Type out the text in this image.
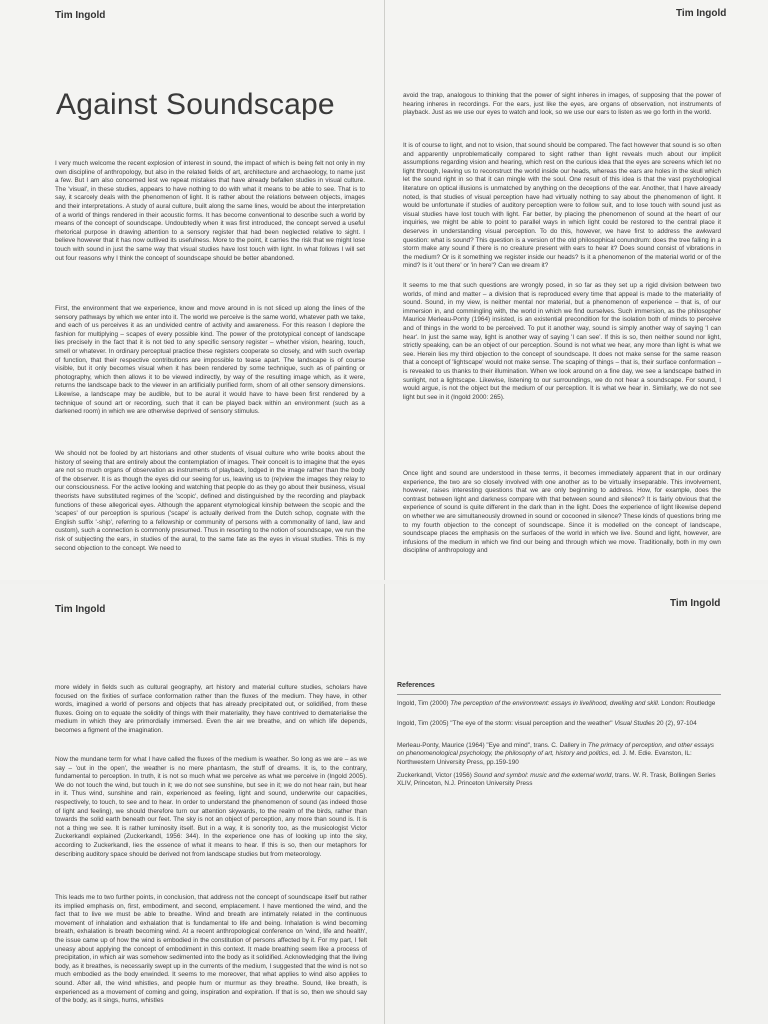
Tim Ingold
Against Soundscape

I very much welcome the recent explosion of interest in sound, the impact of which is being felt not only in my own discipline of anthropology, but also in the related fields of art, architecture and archaeology, to name just a few. But I am also concerned lest we repeat mistakes that have already befallen studies in visual culture. The 'visual', in these studies, appears to have nothing to do with what it means to be able to see. That is to say, it scarcely deals with the phenomenon of light. It is rather about the relations between objects, images and their interpretations. A study of aural culture, built along the same lines, would be about the interpretation of a world of things rendered in their acoustic forms. It has become conventional to describe such a world by means of the concept of soundscape. Undoubtedly when it was first introduced, the concept served a useful rhetorical purpose in drawing attention to a sensory register that had been neglected relative to sight. I believe however that it has now outlived its usefulness. More to the point, it carries the risk that we might lose touch with sound in just the same way that visual studies have lost touch with light. In what follows I will set out four reasons why I think the concept of soundscape should be better abandoned.

First, the environment that we experience, know and move around in is not sliced up along the lines of the sensory pathways by which we enter into it. The world we perceive is the same world, whatever path we take, and each of us perceives it as an undivided centre of activity and awareness. For this reason I deplore the fashion for multiplying – scapes of every possible kind. The power of the prototypical concept of landscape lies precisely in the fact that it is not tied to any specific sensory register – whether vision, hearing, touch, smell or whatever. In ordinary perceptual practice these registers cooperate so closely, and with such overlap of function, that their respective contributions are impossible to tease apart. The landscape is of course visible, but it only becomes visual when it has been rendered by some technique, such as of painting or photography, which then allows it to be viewed indirectly, by way of the resulting image which, as it were, returns the landscape back to the viewer in an artificially purified form, shorn of all other sensory dimensions. Likewise, a landscape may be audible, but to be aural it would have to have been first rendered by a technique of sound art or recording, such that it can be played back within an environment (such as a darkened room) in which we are otherwise deprived of sensory stimulus.

We should not be fooled by art historians and other students of visual culture who write books about the history of seeing that are entirely about the contemplation of images. Their conceit is to imagine that the eyes are not so much organs of observation as instruments of playback, lodged in the image rather than the body of the observer. It is as though the eyes did our seeing for us, leaving us to (re)view the images they relay to our consciousness. For the active looking and watching that people do as they go about their business, visual theorists have substituted regimes of the 'scopic', defined and distinguished by the recording and playback functions of these allegorical eyes. Although the apparent etymological kinship between the scopic and the 'scapes' of our perception is spurious ('scape' is actually derived from the Dutch schop, cognate with the English suffix '-ship', referring to a fellowship or community of persons with a commonality of land, law and custom), such a connection is commonly presumed. Thus in resorting to the notion of soundscape, we run the risk of subjecting the ears, in studies of the aural, to the same fate as the eyes in visual studies. This is my second objection to the concept. We need to

Tim Ingold

avoid the trap, analogous to thinking that the power of sight inheres in images, of supposing that the power of hearing inheres in recordings. For the ears, just like the eyes, are organs of observation, not instruments of playback. Just as we use our eyes to watch and look, so we use our ears to listen as we go forth in the world.

It is of course to light, and not to vision, that sound should be compared. The fact however that sound is so often and apparently unproblematically compared to sight rather than light reveals much about our implicit assumptions regarding vision and hearing, which rest on the curious idea that the eyes are screens which let no light through, leaving us to reconstruct the world inside our heads, whereas the ears are holes in the skull which let the sound right in so that it can mingle with the soul. One result of this idea is that the vast psychological literature on optical illusions is unmatched by anything on the deceptions of the ear. Another, that I have already noted, is that studies of visual perception have had virtually nothing to say about the phenomenon of light. It would be unfortunate if studies of auditory perception were to follow suit, and to lose touch with sound just as visual studies have lost touch with light. Far better, by placing the phenomenon of sound at the heart of our inquiries, we might be able to point to parallel ways in which light could be restored to the central place it deserves in understanding visual perception. To do this, however, we have first to address the awkward question: what is sound? This question is a version of the old philosophical conundrum: does the tree falling in a storm make any sound if there is no creature present with ears to hear it? Does sound consist of vibrations in the medium? Or is it something we register inside our heads? Is it a phenomenon of the material world or of the mind? Is it 'out there' or 'in here'? Can we dream it?

It seems to me that such questions are wrongly posed, in so far as they set up a rigid division between two worlds, of mind and matter – a division that is reproduced every time that appeal is made to the materiality of sound. Sound, in my view, is neither mental nor material, but a phenomenon of experience – that is, of our immersion in, and commingling with, the world in which we find ourselves. Such immersion, as the philosopher Maurice Merleau-Ponty (1964) insisted, is an existential precondition for the isolation both of minds to perceive and of things in the world to be perceived. To put it another way, sound is simply another way of saying 'I can hear'. In just the same way, light is another way of saying 'I can see'. If this is so, then neither sound nor light, strictly speaking, can be an object of our perception. Sound is not what we hear, any more than light is what we see. Herein lies my third objection to the concept of soundscape. It does not make sense for the same reason that a concept of 'lightscape' would not make sense. The scaping of things – that is, their surface conformation – is revealed to us thanks to their illumination. When we look around on a fine day, we see a landscape bathed in sunlight, not a lightscape. Likewise, listening to our surroundings, we do not hear a soundscape. For sound, I would argue, is not the object but the medium of our perception. It is what we hear in. Similarly, we do not see light but see in it (Ingold 2000: 265).

Once light and sound are understood in these terms, it becomes immediately apparent that in our ordinary experience, the two are so closely involved with one another as to be virtually inseparable. This involvement, however, raises interesting questions that we are only beginning to address. How, for example, does the contrast between light and darkness compare with that between sound and silence? It is fairly obvious that the experience of sound is quite different in the dark than in the light. Does the experience of light likewise depend on whether we are simultaneously drowned in sound or cocooned in silence? These kinds of questions bring me to my fourth objection to the concept of soundscape. Since it is modelled on the concept of landscape, soundscape places the emphasis on the surfaces of the world in which we live. Sound and light, however, are infusions of the medium in which we find our being and through which we move. Traditionally, both in my own discipline of anthropology and

Tim Ingold

more widely in fields such as cultural geography, art history and material culture studies, scholars have focused on the fixities of surface conformation rather than the fluxes of the medium. They have, in other words, imagined a world of persons and objects that has already precipitated out, or solidified, from these fluxes. Going on to equate the solidity of things with their materiality, they have contrived to dematerialise the medium in which they are primordially immersed. Even the air we breathe, and on which life depends, becomes a figment of the imagination.

Now the mundane term for what I have called the fluxes of the medium is weather. So long as we are – as we say – 'out in the open', the weather is no mere phantasm, the stuff of dreams. It is, to the contrary, fundamental to perception. In truth, it is not so much what we perceive as what we perceive in (Ingold 2005). We do not touch the wind, but touch in it; we do not see sunshine, but see in it; we do not hear rain, but hear in it. Thus wind, sunshine and rain, experienced as feeling, light and sound, underwrite our capacities, respectively, to touch, to see and to hear. In order to understand the phenomenon of sound (as indeed those of light and feeling), we should therefore turn our attention skywards, to the realm of the birds, rather than towards the solid earth beneath our feet. The sky is not an object of perception, any more than sound is. It is not a thing we see. It is rather luminosity itself. But in a way, it is sonority too, as the musicologist Victor Zuckerkandl explained (Zuckerkandl, 1956: 344). In the experience one has of looking up into the sky, according to Zuckerkandl, lies the essence of what it means to hear. If this is so, then our metaphors for describing auditory space should be derived not from landscape studies but from meteorology.

This leads me to two further points, in conclusion, that address not the concept of soundscape itself but rather its implied emphasis on, first, embodiment, and second, emplacement. I have mentioned the wind, and the fact that to live we must be able to breathe. Wind and breath are intimately related in the continuous movement of inhalation and exhalation that is fundamental to life and being. Inhalation is wind becoming breath, exhalation is breath becoming wind. At a recent anthropological conference on 'wind, life and health', the issue came up of how the wind is embodied in the constitution of persons affected by it. For my part, I felt uneasy about applying the concept of embodiment in this context. It made breathing seem like a process of precipitation, in which air was somehow sedimented into the body as it solidified. Acknowledging that the living body, as it breathes, is necessarily swept up in the currents of the medium, I suggested that the wind is not so much embodied as the body enwinded. It seems to me moreover, that what applies to wind also applies to sound. After all, the wind whistles, and people hum or murmur as they breathe. Sound, like breath, is experienced as a movement of coming and going, inspiration and expiration. If that is so, then we should say of the body, as it sings, hums, whistles

Tim Ingold
References

Ingold, Tim (2000) The perception of the environment: essays in livelihood, dwelling and skill. London: Routledge

Ingold, Tim (2005) "The eye of the storm: visual perception and the weather" Visual Studies 20 (2), 97-104

Merleau-Ponty, Maurice (1964) "Eye and mind", trans. C. Dallery in The primacy of perception, and other essays on phenomenological psychology, the philosophy of art, history and politics, ed. J. M. Edie. Evanston, IL: Northwestern University Press, pp.159-190

Zuckerkandl, Victor (1956) Sound and symbol: music and the external world, trans. W. R. Trask, Bollingen Series XLIV, Princeton, N.J. Princeton University Press
